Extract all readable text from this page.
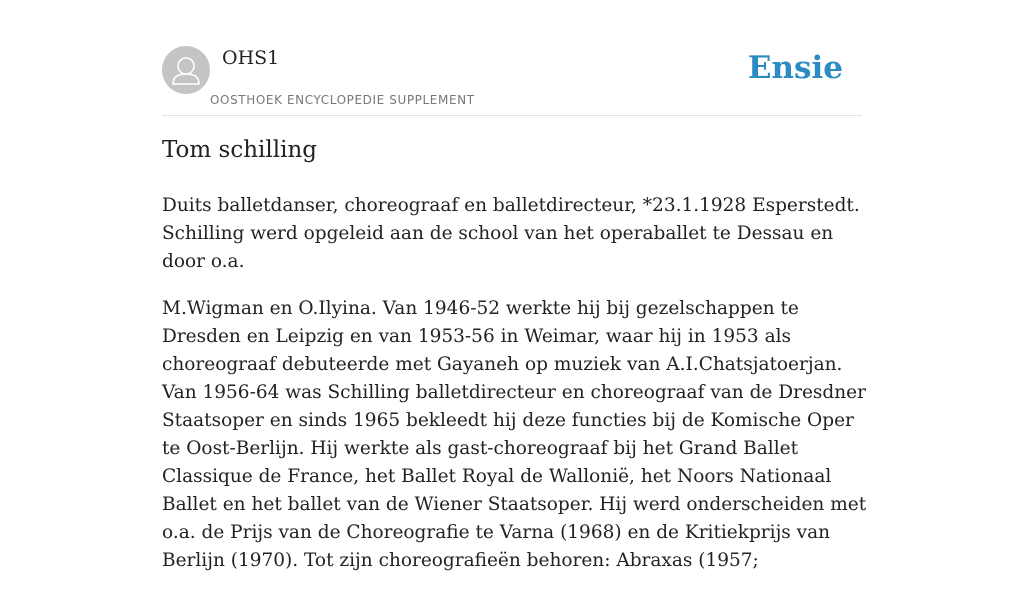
OHS1
OOSTHOEK ENCYCLOPEDIE SUPPLEMENT
Ensie
Tom schilling

Duits balletdanser, choreograaf en balletdirecteur, *23.1.1928 Esperstedt. Schilling werd opgeleid aan de school van het operaballet te Dessau en door o.a.

M.Wigman en O.Ilyina. Van 1946-52 werkte hij bij gezelschappen te Dresden en Leipzig en van 1953-56 in Weimar, waar hij in 1953 als choreograaf debuteerde met Gayaneh op muziek van A.I.Chatsjatoerjan. Van 1956-64 was Schilling balletdirecteur en choreograaf van de Dresdner Staatsoper en sinds 1965 bekleedt hij deze functies bij de Komische Oper te Oost-Berlijn. Hij werkte als gast-choreograaf bij het Grand Ballet Classique de France, het Ballet Royal de Wallonië, het Noors Nationaal Ballet en het ballet van de Wiener Staatsoper. Hij werd onderscheiden met o.a. de Prijs van de Choreografie te Varna (1968) en de Kritiekprijs van Berlijn (1970). Tot zijn choreografieën behoren: Abraxas (1957;
